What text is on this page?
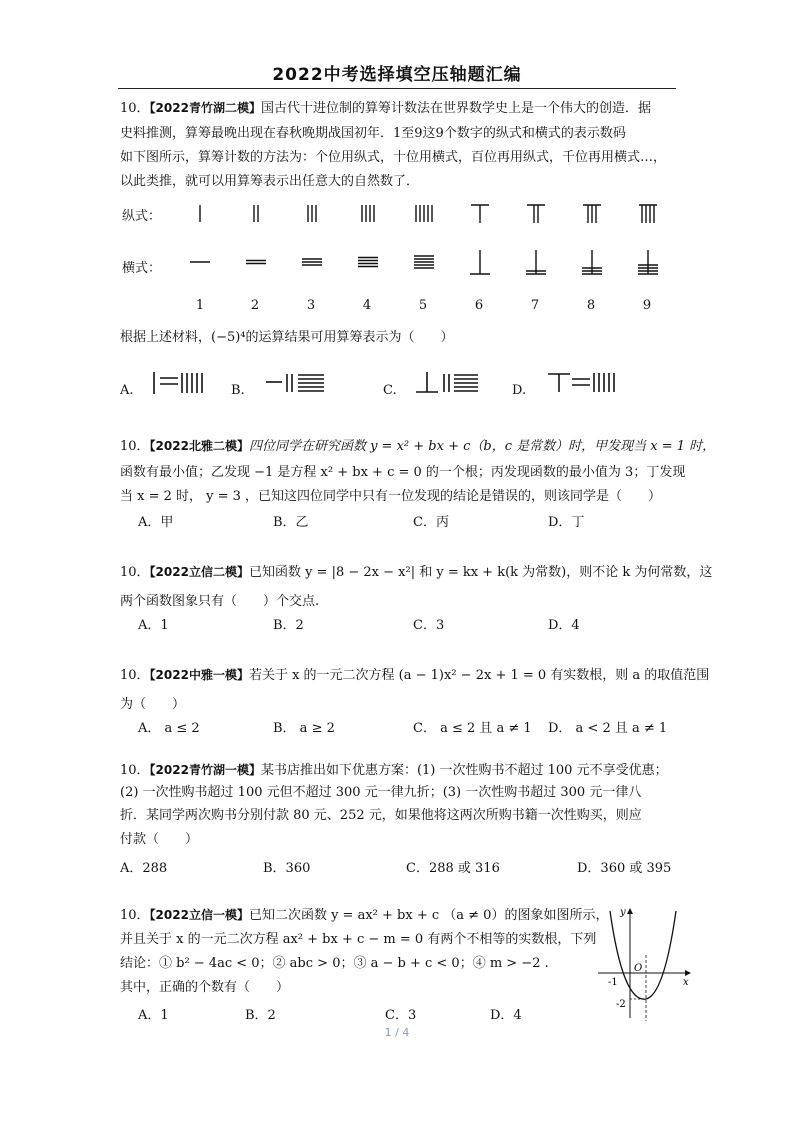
2022中考选择填空压轴题汇编
10．【2022青竹湖二模】国古代十进位制的算筹计数法在世界数学史上是一个伟大的创造．据
史料推测，算筹最晚出现在春秋晚期战国初年．1至9这9个数字的纵式和横式的表示数码
如下图所示，算筹计数的方法为：个位用纵式，十位用横式，百位再用纵式，千位再用横式…，
以此类推，就可以用算筹表示出任意大的自然数了．
纵式：
横式：
1	2	3	4	5	6	7	8	9
根据上述材料，(−5)⁴的运算结果可用算筹表示为（　　）
A.	B.	C.	D.
10．【2022北雅二模】四位同学在研究函数 y = x² + bx + c（b，c 是常数）时，甲发现当 x = 1 时，
函数有最小值；乙发现 −1 是方程 x² + bx + c = 0 的一个根；丙发现函数的最小值为 3；丁发现
当 x = 2 时， y = 3 ，已知这四位同学中只有一位发现的结论是错误的，则该同学是（　　）
A．甲	B．乙	C．丙	D．丁
10．【2022立信二模】已知函数 y = |8 − 2x − x²| 和 y = kx + k(k 为常数)，则不论 k 为何常数，这
两个函数图象只有（　　）个交点.
A．1	B．2	C．3	D．4
10．【2022中雅一模】若关于 x 的一元二次方程 (a − 1)x² − 2x + 1 = 0 有实数根，则 a 的取值范围
为（　　）
A． a ≤ 2	B． a ≥ 2	C． a ≤ 2 且 a ≠ 1 D． a < 2 且 a ≠ 1
10．【2022青竹湖一模】某书店推出如下优惠方案：(1) 一次性购书不超过 100 元不享受优惠；
(2) 一次性购书超过 100 元但不超过 300 元一律九折；(3) 一次性购书超过 300 元一律八
折．某同学两次购书分别付款 80 元、252 元，如果他将这两次所购书籍一次性购买，则应
付款（　　）
A．288	B．360	C．288 或 316	D．360 或 395
10．【2022立信一模】已知二次函数 y = ax² + bx + c （a ≠ 0）的图象如图所示，
并且关于 x 的一元二次方程 ax² + bx + c − m = 0 有两个不相等的实数根，下列
结论：① b² − 4ac < 0；② abc > 0；③ a − b + c < 0；④ m > −2 .
其中，正确的个数有（　　）
A．1	B．2	C．3	D．4
y
x
O
-1
-2
1 / 4
